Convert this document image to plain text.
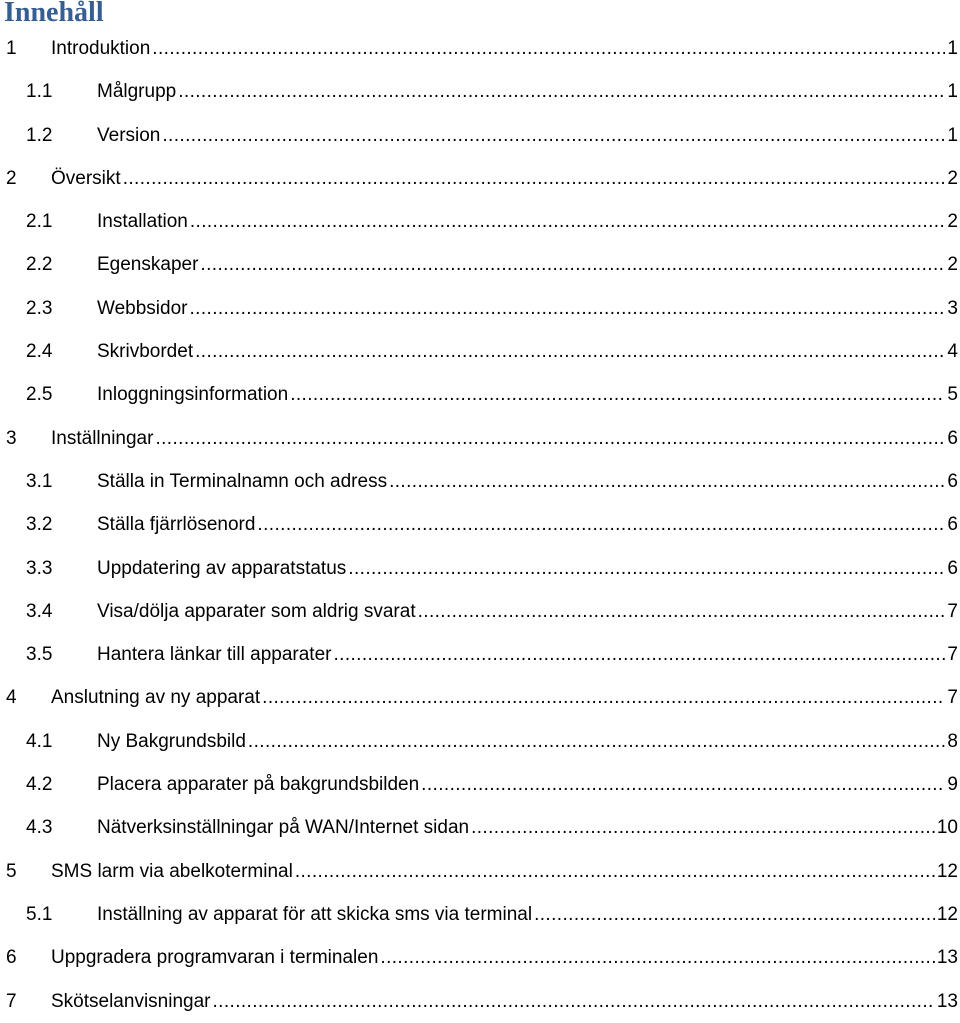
Innehåll
1	Introduktion .....	1
1.1	Målgrupp .....	1
1.2	Version .....	1
2	Översikt .....	2
2.1	Installation .....	2
2.2	Egenskaper .....	2
2.3	Webbsidor .....	3
2.4	Skrivbordet .....	4
2.5	Inloggningsinformation .....	5
3	Inställningar .....	6
3.1	Ställa in Terminalnamn och adress .....	6
3.2	Ställa fjärrlösenord .....	6
3.3	Uppdatering av apparatstatus .....	6
3.4	Visa/dölja apparater som aldrig svarat .....	7
3.5	Hantera länkar till apparater .....	7
4	Anslutning av ny apparat .....	7
4.1	Ny Bakgrundsbild .....	8
4.2	Placera apparater på bakgrundsbilden .....	9
4.3	Nätverksinställningar på WAN/Internet sidan .....	10
5	SMS larm via abelkoterminal .....	12
5.1	Inställning av apparat för att skicka sms via terminal .....	12
6	Uppgradera programvaran i terminalen .....	13
7	Skötselanvisningar .....	13
